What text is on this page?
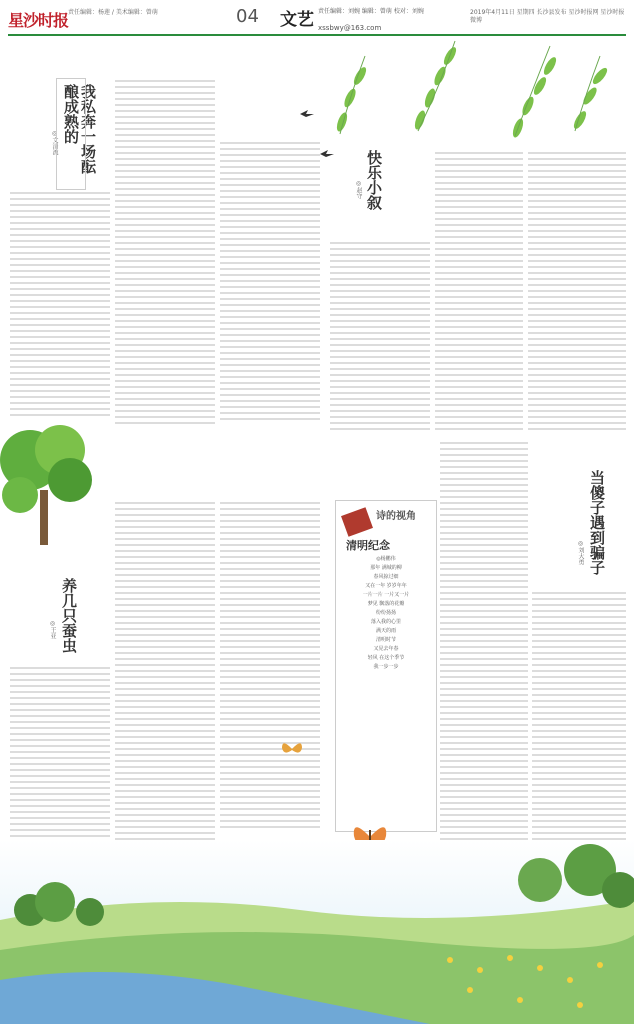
星沙时报 责任编辑：杨莲 / 美术编辑：曾萌	04 文艺 责任编辑：刘婉 编辑：曾萌 校对：刘婉
xssbwy@163.com
2019年4月11日 星期四 长沙县发布 星沙时报网 星沙时报微博
我私奔一场酝酿成熟的
◎文清流
快乐小叙
◎赵守
养几只蚕虫
◎王亚
诗的视角
清明纪念
◎杨鹏伟
那年 满城的柳
春风掠过细
又在一年 岁岁年年
一片一片 一片又一片
梦见 飘落的花瓣
纷纷扬扬
落入我的心里
满天的雨
清明时节
又见去年春
轻风 在这个季节
我一步一步
当傻子遇到骗子
◎刘大勇
